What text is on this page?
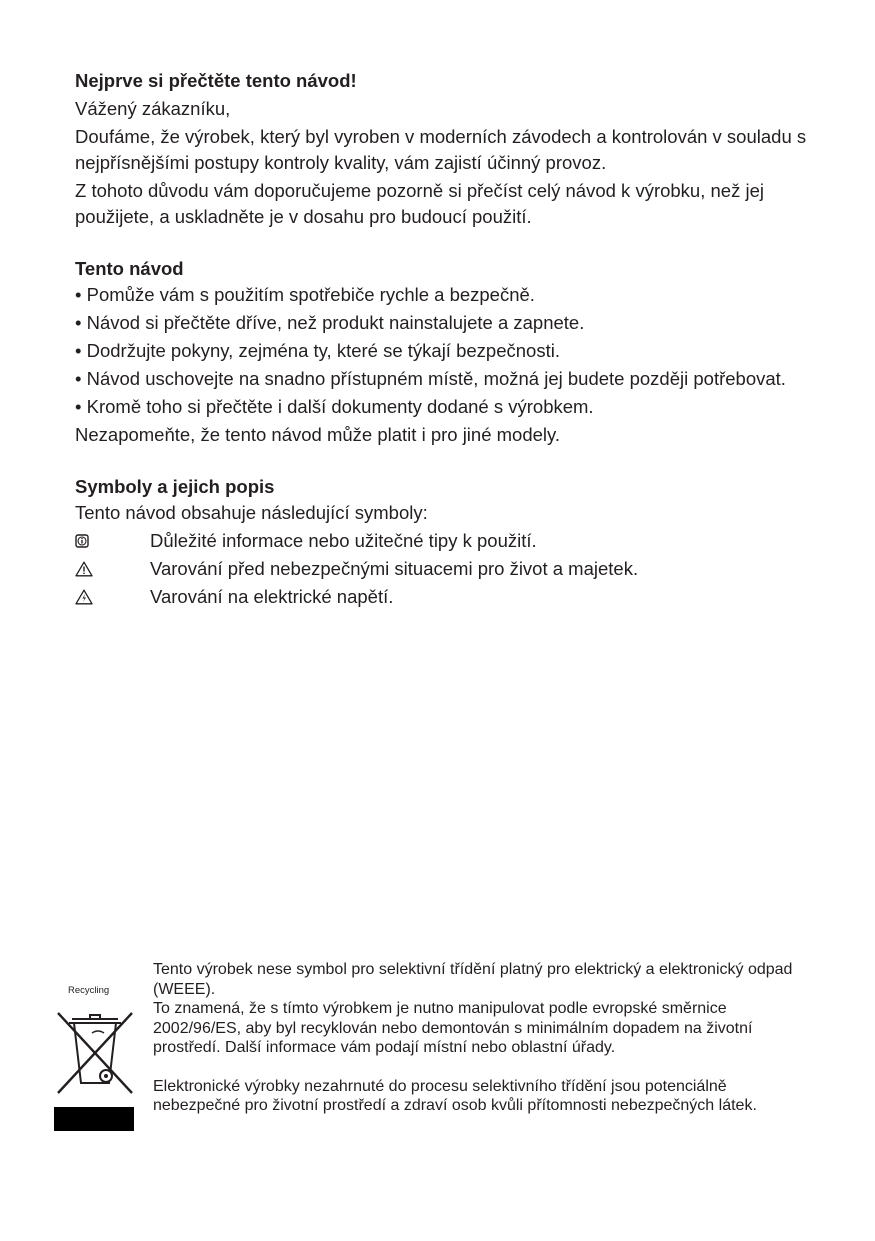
Nejprve si přečtěte tento návod!

Vážený zákazníku,

Doufáme, že výrobek, který byl vyroben v moderních závodech a kontrolován v souladu s nejpřísnějšími postupy kontroly kvality, vám zajistí účinný provoz.

Z tohoto důvodu vám doporučujeme pozorně si přečíst celý návod k výrobku, než jej použijete, a uskladněte je v dosahu pro budoucí použití.

Tento návod

• Pomůže vám s použitím spotřebiče rychle a bezpečně.

• Návod si přečtěte dříve, než produkt nainstalujete a zapnete.

• Dodržujte pokyny, zejména ty, které se týkají bezpečnosti.

• Návod uschovejte na snadno přístupném místě, možná jej budete později potřebovat.

• Kromě toho si přečtěte i další dokumenty dodané s výrobkem.

Nezapomeňte, že tento návod může platit i pro jiné modely.

Symboly a jejich popis

Tento návod obsahuje následující symboly:

Důležité informace nebo užitečné tipy k použití.
Varování před nebezpečnými situacemi pro život a majetek.
Varování na elektrické napětí.
Recycling

Tento výrobek nese symbol pro selektivní třídění platný pro elektrický a elektronický odpad (WEEE).

To znamená, že s tímto výrobkem je nutno manipulovat podle evropské směrnice 2002/96/ES, aby byl recyklován nebo demontován s minimálním dopadem na životní prostředí. Další informace vám podají místní nebo oblastní úřady.

Elektronické výrobky nezahrnuté do procesu selektivního třídění jsou potenciálně nebezpečné pro životní prostředí a zdraví osob kvůli přítomnosti nebezpečných látek.
